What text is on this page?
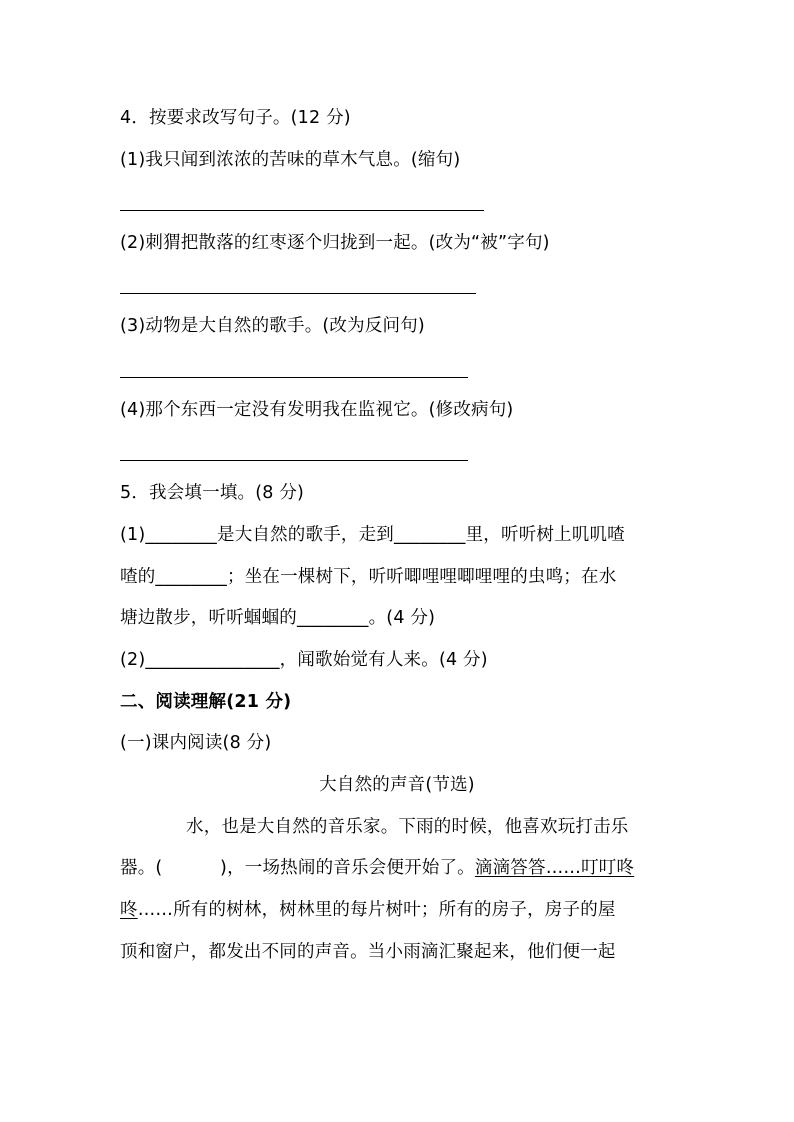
4．按要求改写句子。(12 分)
(1)我只闻到浓浓的苦味的草木气息。(缩句)
(2)刺猬把散落的红枣逐个归拢到一起。(改为“被”字句)
(3)动物是大自然的歌手。(改为反问句)
(4)那个东西一定没有发明我在监视它。(修改病句)
5．我会填一填。(8 分)
(1)________是大自然的歌手，走到________里，听听树上叽叽喳
喳的________；坐在一棵树下，听听唧哩哩唧哩哩的虫鸣；在水
塘边散步，听听蝈蝈的________。(4 分)
(2)_______________，闻歌始觉有人来。(4 分)
二、阅读理解(21 分)
(一)课内阅读(8 分)
大自然的声音(节选)
水，也是大自然的音乐家。下雨的时候，他喜欢玩打击乐
器。(          )，一场热闹的音乐会便开始了。滴滴答答……叮叮咚
咚……所有的树林，树林里的每片树叶；所有的房子，房子的屋
顶和窗户，都发出不同的声音。当小雨滴汇聚起来，他们便一起
